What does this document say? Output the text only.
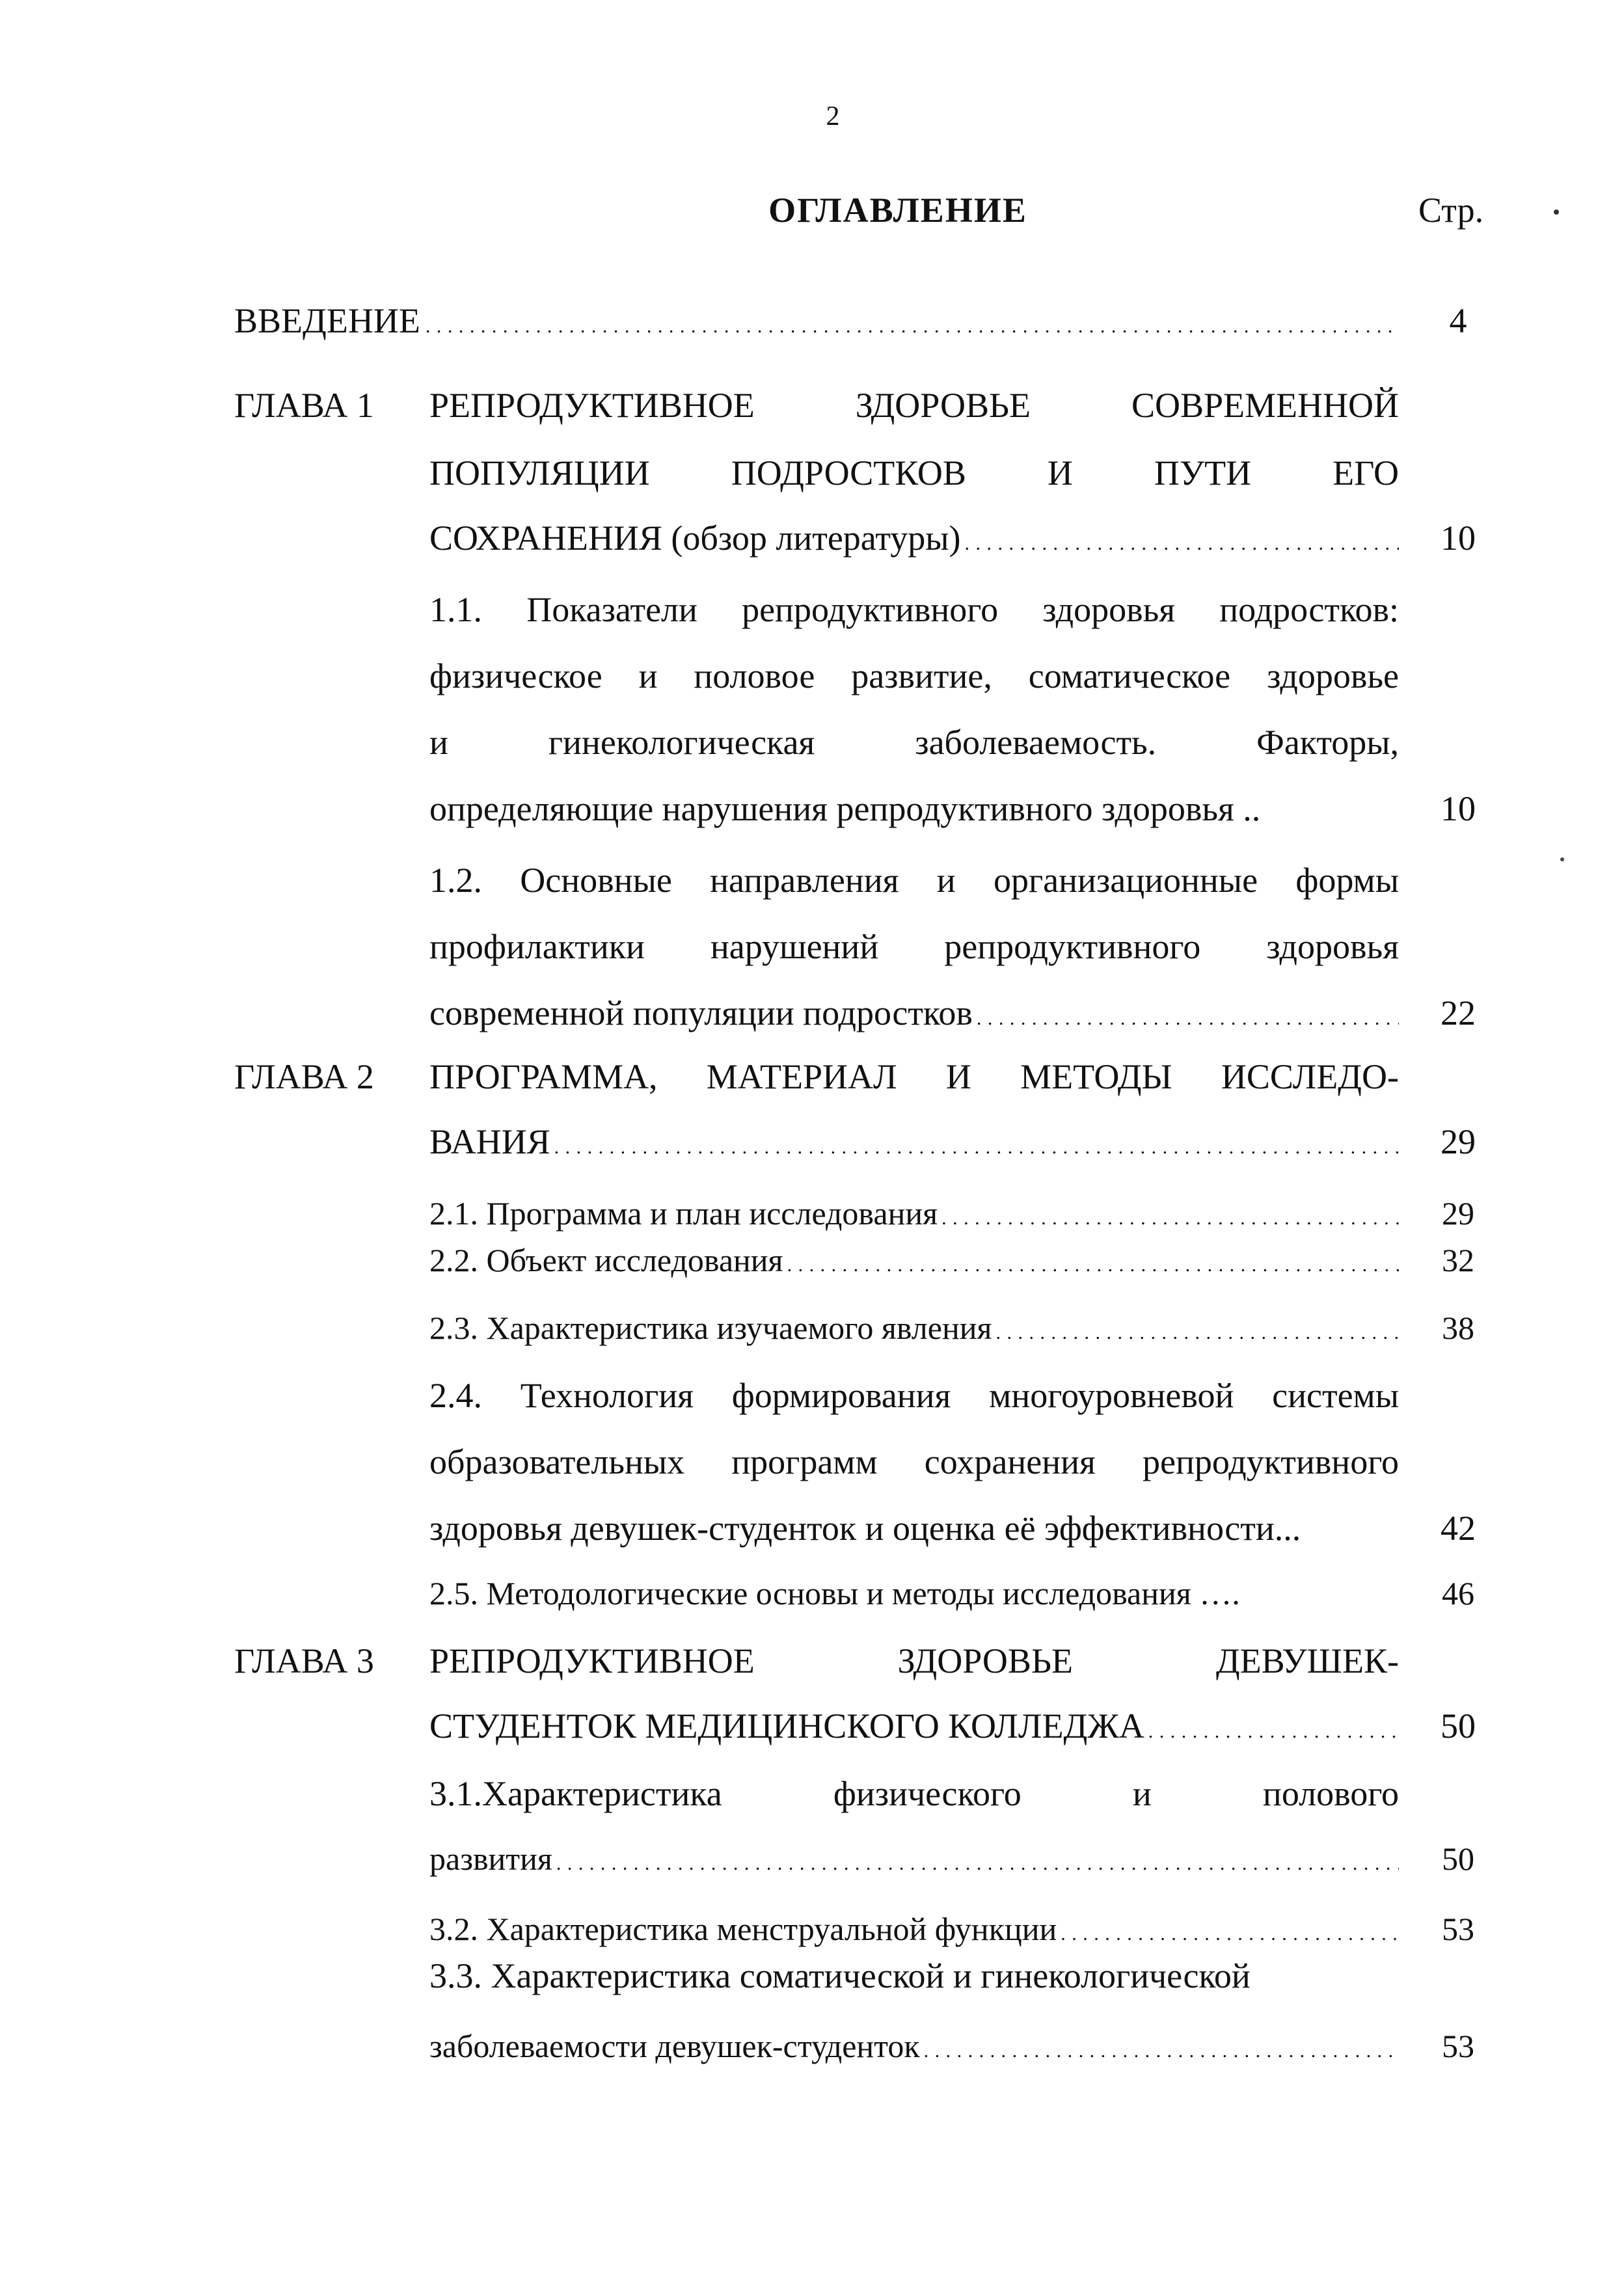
2
ОГЛАВЛЕНИЕ	Стр.
ВВЕДЕНИЕ . . .	4
ГЛАВА 1 РЕПРОДУКТИВНОЕ ЗДОРОВЬЕ СОВРЕМЕННОЙ
ПОПУЛЯЦИИ ПОДРОСТКОВ И ПУТИ ЕГО
СОХРАНЕНИЯ (обзор литературы) . . .	10
1.1. Показатели репродуктивного здоровья подростков:
физическое и половое развитие, соматическое здоровье
и гинекологическая заболеваемость. Факторы,
определяющие нарушения репродуктивного здоровья ..	10
1.2. Основные направления и организационные формы
профилактики нарушений репродуктивного здоровья
современной популяции подростков . . .	22
ГЛАВА 2 ПРОГРАММА, МАТЕРИАЛ И МЕТОДЫ ИССЛЕДО-
ВАНИЯ . . .	29
2.1. Программа и план исследования . . .	29
2.2. Объект исследования . . .	32
2.3. Характеристика изучаемого явления . . .	38
2.4. Технология формирования многоуровневой системы
образовательных программ сохранения репродуктивного
здоровья девушек-студенток и оценка её эффективности...	42
2.5. Методологические основы и методы исследования ….	46
ГЛАВА 3 РЕПРОДУКТИВНОЕ ЗДОРОВЬЕ ДЕВУШЕК-
СТУДЕНТОК МЕДИЦИНСКОГО КОЛЛЕДЖА . . .	50
3.1.Характеристика физического и полового
развития . . .	50
3.2. Характеристика менструальной функции . . .	53
3.3. Характеристика соматической и гинекологической
заболеваемости девушек-студенток . . .	53
